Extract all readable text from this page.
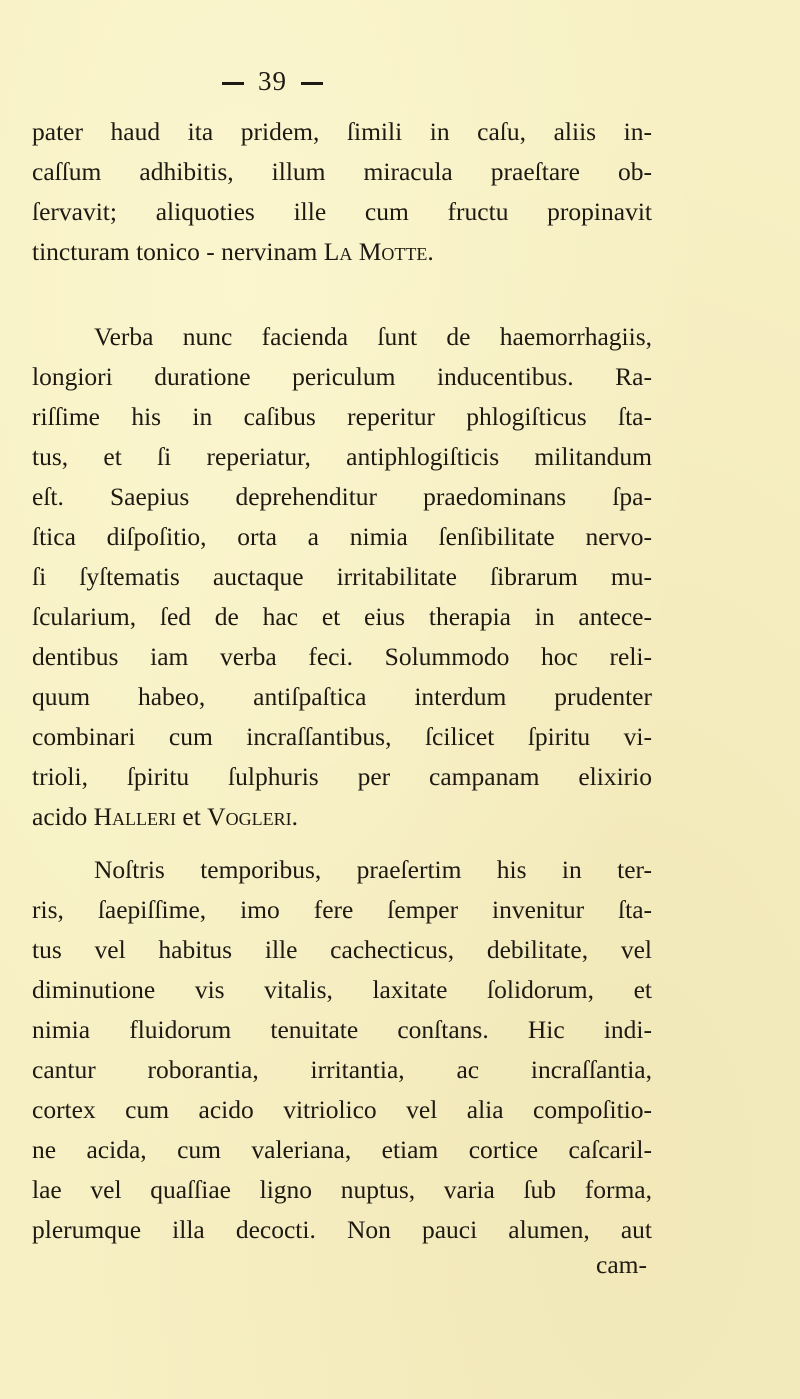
39
pater haud ita pridem, ſimili in caſu, aliis in-
caſſum adhibitis, illum miracula praeſtare ob-
ſervavit; aliquoties ille cum fructu propinavit
tincturam tonico - nervinam La Motte.
Verba nunc facienda ſunt de haemorrhagiis,
longiori duratione periculum inducentibus. Ra-
riſſime his in caſibus reperitur phlogiſticus ſta-
tus, et ſi reperiatur, antiphlogiſticis militandum
eſt. Saepius deprehenditur praedominans ſpa-
ſtica diſpoſitio, orta a nimia ſenſibilitate nervo-
ſi ſyſtematis auctaque irritabilitate ſibrarum mu-
ſcularium, ſed de hac et eius therapia in antece-
dentibus iam verba feci. Solummodo hoc reli-
quum habeo, antiſpaſtica interdum prudenter
combinari cum incraſſantibus, ſcilicet ſpiritu vi-
trioli, ſpiritu ſulphuris per campanam elixirio
acido Halleri et Vogleri.
Noſtris temporibus, praeſertim his in ter-
ris, ſaepiſſime, imo fere ſemper invenitur ſta-
tus vel habitus ille cachecticus, debilitate, vel
diminutione vis vitalis, laxitate ſolidorum, et
nimia fluidorum tenuitate conſtans. Hic indi-
cantur roborantia, irritantia, ac incraſſantia,
cortex cum acido vitriolico vel alia compoſitio-
ne acida, cum valeriana, etiam cortice caſcaril-
lae vel quaſſiae ligno nuptus, varia ſub forma,
plerumque illa decocti. Non pauci alumen, aut
cam-
